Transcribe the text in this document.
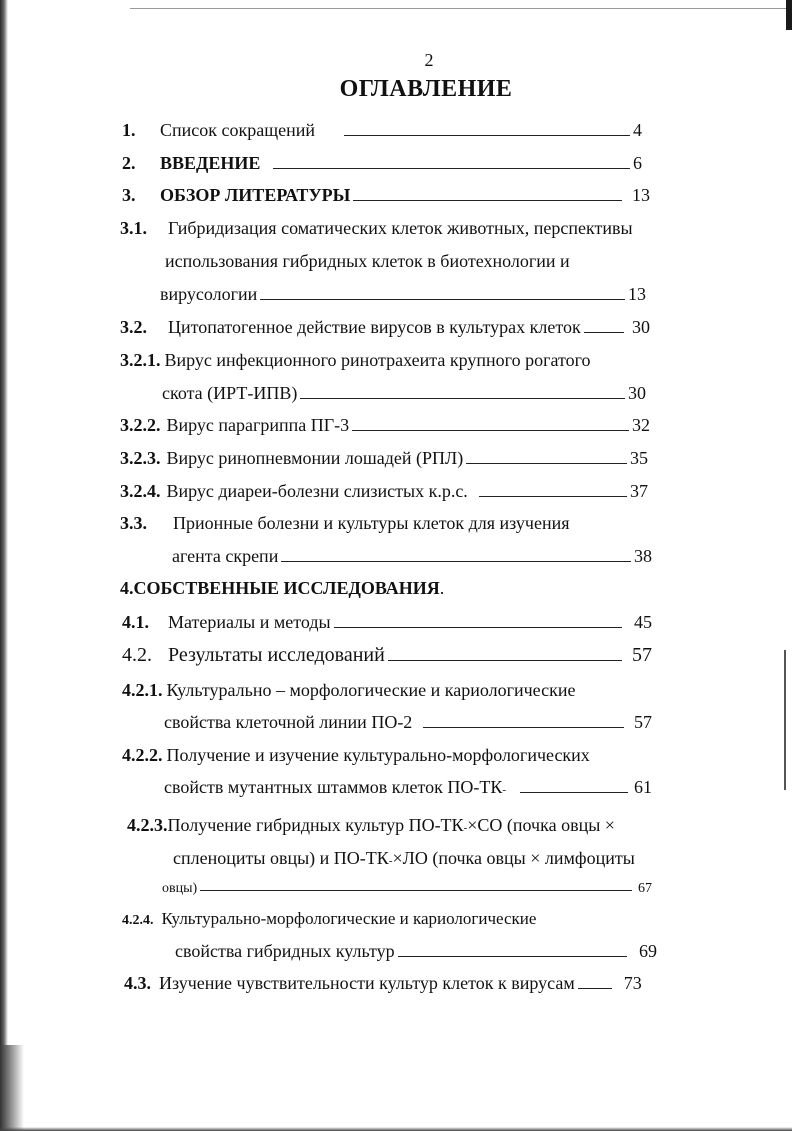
2
ОГЛАВЛЕНИЕ
1.	Список сокращений	4
2.	ВВЕДЕНИЕ	6
3.	ОБЗОР ЛИТЕРАТУРЫ	13
3.1.	Гибридизация соматических клеток животных, перспективы
использования гибридных клеток в биотехнологии и
вирусологии	13
3.2.	Цитопатогенное действие вирусов в культурах клеток	30
3.2.1. Вирус инфекционного ринотрахеита крупного рогатого
скота (ИРТ-ИПВ)	30
3.2.2. Вирус парагриппа ПГ-3	32
3.2.3. Вирус ринопневмонии лошадей (РПЛ)	35
3.2.4. Вирус диареи-болезни слизистых к.р.с.	37
3.3.	Прионные болезни и культуры клеток для изучения
агента скрепи	38
4.СОБСТВЕННЫЕ ИССЛЕДОВАНИЯ .
4.1.	Материалы и методы	45
4.2. Результаты исследований	57
4.2.1. Культурально – морфологические и кариологические
свойства клеточной линии ПО-2	57
4.2.2. Получение и изучение культурально-морфологических
свойств мутантных штаммов клеток ПО-ТК -	61
4.2.3. Получение гибридных культур ПО-ТК - ×СО (почка овцы ×
спленоциты овцы) и ПО-ТК - ×ЛО (почка овцы × лимфоциты
овцы)	67
4.2.4. Культурально-морфологические и кариологические
свойства гибридных культур	69
4.3. Изучение чувствительности культур клеток к вирусам	73
